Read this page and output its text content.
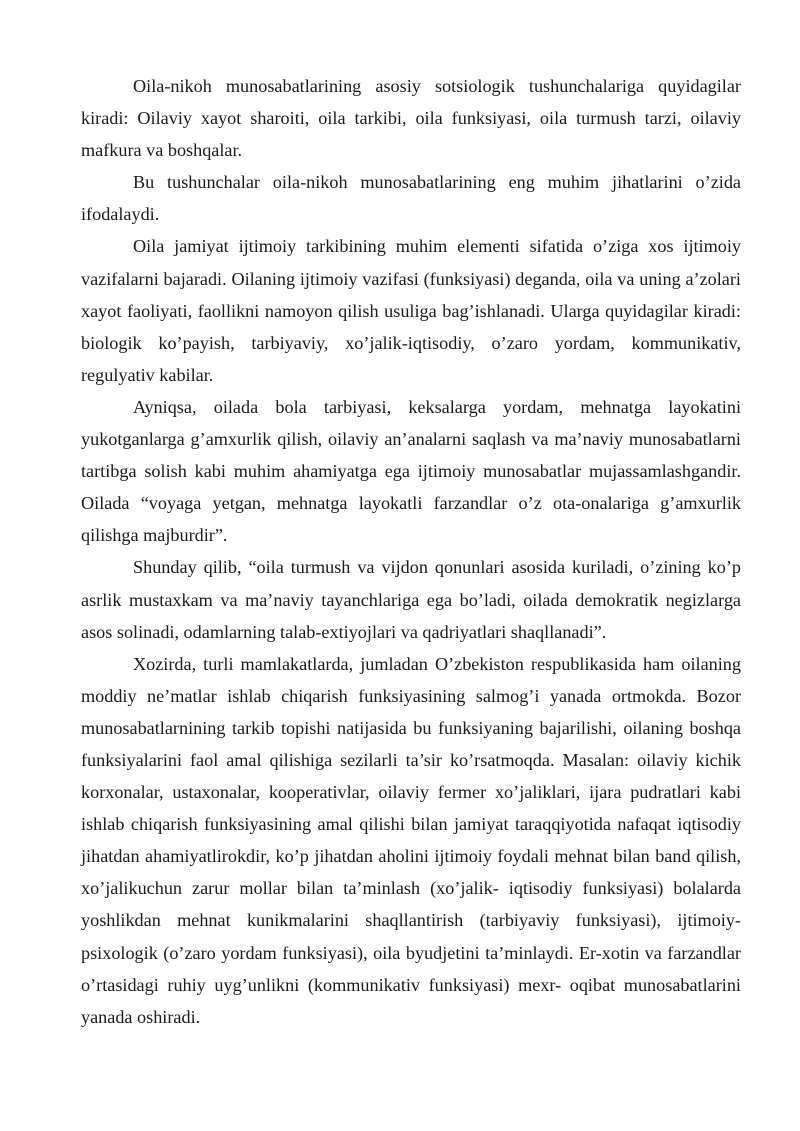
Oila-nikoh munosabatlarining asosiy sotsiologik tushunchalariga quyidagilar kiradi: Oilaviy xayot sharoiti, oila tarkibi, oila funksiyasi, oila turmush tarzi, oilaviy mafkura va boshqalar.

Bu tushunchalar oila-nikoh munosabatlarining eng muhim jihatlarini o’zida ifodalaydi.

Oila jamiyat ijtimoiy tarkibining muhim elementi sifatida o’ziga xos ijtimoiy vazifalarni bajaradi. Oilaning ijtimoiy vazifasi (funksiyasi) deganda, oila va uning a’zolari xayot faoliyati, faollikni namoyon qilish usuliga bag’ishlanadi. Ularga quyidagilar kiradi: biologik ko’payish, tarbiyaviy, xo’jalik-iqtisodiy, o’zaro yordam, kommunikativ, regulyativ kabilar.

Ayniqsa, oilada bola tarbiyasi, keksalarga yordam, mehnatga layokatini yukotganlarga g’amxurlik qilish, oilaviy an’analarni saqlash va ma’naviy munosabatlarni tartibga solish kabi muhim ahamiyatga ega ijtimoiy munosabatlar mujassamlashgandir. Oilada “voyaga yetgan, mehnatga layokatli farzandlar o’z ota-onalariga g’amxurlik qilishga majburdir”.

Shunday qilib, “oila turmush va vijdon qonunlari asosida kuriladi, o’zining ko’p asrlik mustaxkam va ma’naviy tayanchlariga ega bo’ladi, oilada demokratik negizlarga asos solinadi, odamlarning talab-extiyojlari va qadriyatlari shaqllanadi”.

Xozirda, turli mamlakatlarda, jumladan O’zbekiston respublikasida ham oilaning moddiy ne’matlar ishlab chiqarish funksiyasining salmog’i yanada ortmokda. Bozor munosabatlarnining tarkib topishi natijasida bu funksiyaning bajarilishi, oilaning boshqa funksiyalarini faol amal qilishiga sezilarli ta’sir ko’rsatmoqda. Masalan: oilaviy kichik korxonalar, ustaxonalar, kooperativlar, oilaviy fermer xo’jaliklari, ijara pudratlari kabi ishlab chiqarish funksiyasining amal qilishi bilan jamiyat taraqqiyotida nafaqat iqtisodiy jihatdan ahamiyatlirokdir, ko’p jihatdan aholini ijtimoiy foydali mehnat bilan band qilish, xo’jalikuchun zarur mollar bilan ta’minlash (xo’jalik- iqtisodiy funksiyasi) bolalarda yoshlikdan mehnat kunikmalarini shaqllantirish (tarbiyaviy funksiyasi), ijtimoiy-psixologik (o’zaro yordam funksiyasi), oila byudjetini ta’minlaydi. Er-xotin va farzandlar o’rtasidagi ruhiy uyg’unlikni (kommunikativ funksiyasi) mexr- oqibat munosabatlarini yanada oshiradi.
